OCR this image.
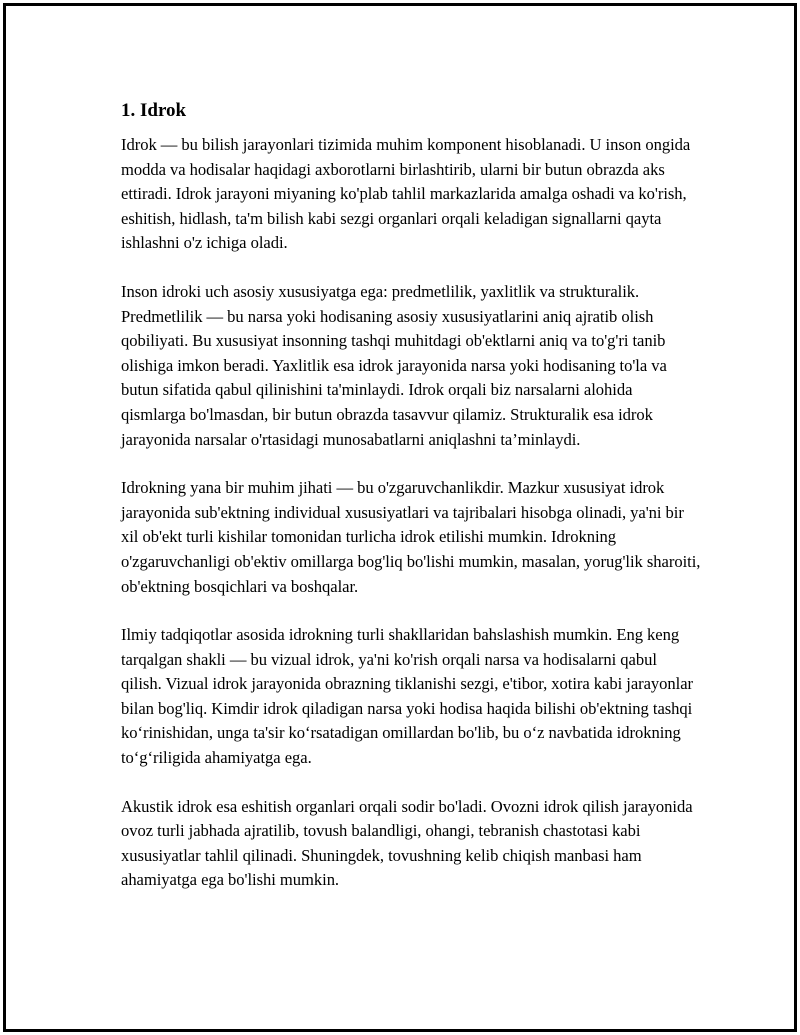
1. Idrok

Idrok — bu bilish jarayonlari tizimida muhim komponent hisoblanadi. U inson ongida modda va hodisalar haqidagi axborotlarni birlashtirib, ularni bir butun obrazda aks ettiradi. Idrok jarayoni miyaning ko'plab tahlil markazlarida amalga oshadi va ko'rish, eshitish, hidlash, ta'm bilish kabi sezgi organlari orqali keladigan signallarni qayta ishlashni o'z ichiga oladi.

Inson idroki uch asosiy xususiyatga ega: predmetlilik, yaxlitlik va strukturalik. Predmetlilik — bu narsa yoki hodisaning asosiy xususiyatlarini aniq ajratib olish qobiliyati. Bu xususiyat insonning tashqi muhitdagi ob'ektlarni aniq va to'g'ri tanib olishiga imkon beradi. Yaxlitlik esa idrok jarayonida narsa yoki hodisaning to'la va butun sifatida qabul qilinishini ta'minlaydi. Idrok orqali biz narsalarni alohida qismlarga bo'lmasdan, bir butun obrazda tasavvur qilamiz. Strukturalik esa idrok jarayonida narsalar o'rtasidagi munosabatlarni aniqlashni ta’minlaydi.

Idrokning yana bir muhim jihati — bu o'zgaruvchanlikdir. Mazkur xususiyat idrok jarayonida sub'ektning individual xususiyatlari va tajribalari hisobga olinadi, ya'ni bir xil ob'ekt turli kishilar tomonidan turlicha idrok etilishi mumkin. Idrokning o'zgaruvchanligi ob'ektiv omillarga bog'liq bo'lishi mumkin, masalan, yorug'lik sharoiti, ob'ektning bosqichlari va boshqalar.

Ilmiy tadqiqotlar asosida idrokning turli shakllaridan bahslashish mumkin. Eng keng tarqalgan shakli — bu vizual idrok, ya'ni ko'rish orqali narsa va hodisalarni qabul qilish. Vizual idrok jarayonida obrazning tiklanishi sezgi, e'tibor, xotira kabi jarayonlar bilan bog'liq. Kimdir idrok qiladigan narsa yoki hodisa haqida bilishi ob'ektning tashqi ko‘rinishidan, unga ta'sir ko‘rsatadigan omillardan bo'lib, bu o‘z navbatida idrokning to‘g‘riligida ahamiyatga ega.

Akustik idrok esa eshitish organlari orqali sodir bo'ladi. Ovozni idrok qilish jarayonida ovoz turli jabhada ajratilib, tovush balandligi, ohangi, tebranish chastotasi kabi xususiyatlar tahlil qilinadi. Shuningdek, tovushning kelib chiqish manbasi ham ahamiyatga ega bo'lishi mumkin.
